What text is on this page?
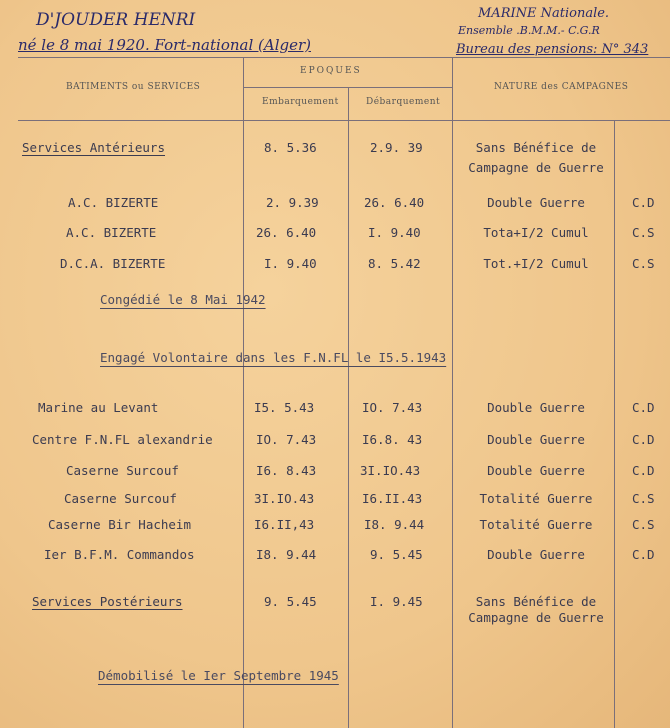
D'JOUDER HENRI
né le 8 mai 1920. Fort-national (Alger)
MARINE Nationale.
Ensemble .B.M.M.- C.G.R
Bureau des pensions: N° 343
BATIMENTS ou SERVICES
EPOQUES
Embarquement	Débarquement
NATURE des CAMPAGNES
Services Antérieurs	8. 5.36	2.9. 39	Sans Bénéfice de
Campagne de Guerre
A.C. BIZERTE	2. 9.39	26. 6.40	Double Guerre	C.D
A.C. BIZERTE	26. 6.40	I. 9.40	Tota+I/2 Cumul	C.S
D.C.A. BIZERTE	I. 9.40	8. 5.42	Tot.+I/2 Cumul	C.S
Congédié le 8 Mai 1942
Engagé Volontaire dans les F.N.FL le I5.5.1943
Marine au Levant	I5. 5.43	IO. 7.43	Double Guerre	C.D
Centre F.N.FL alexandrie	IO. 7.43	I6.8. 43	Double Guerre	C.D
Caserne Surcouf	I6. 8.43	3I.IO.43	Double Guerre	C.D
Caserne Surcouf	3I.IO.43	I6.II.43	Totalité Guerre	C.S
Caserne Bir Hacheim	I6.II,43	I8. 9.44	Totalité Guerre	C.S
Ier B.F.M. Commandos	I8. 9.44	9. 5.45	Double Guerre	C.D
Services Postérieurs	9. 5.45	I. 9.45	Sans Bénéfice de
Campagne de Guerre
Démobilisé le Ier Septembre 1945
